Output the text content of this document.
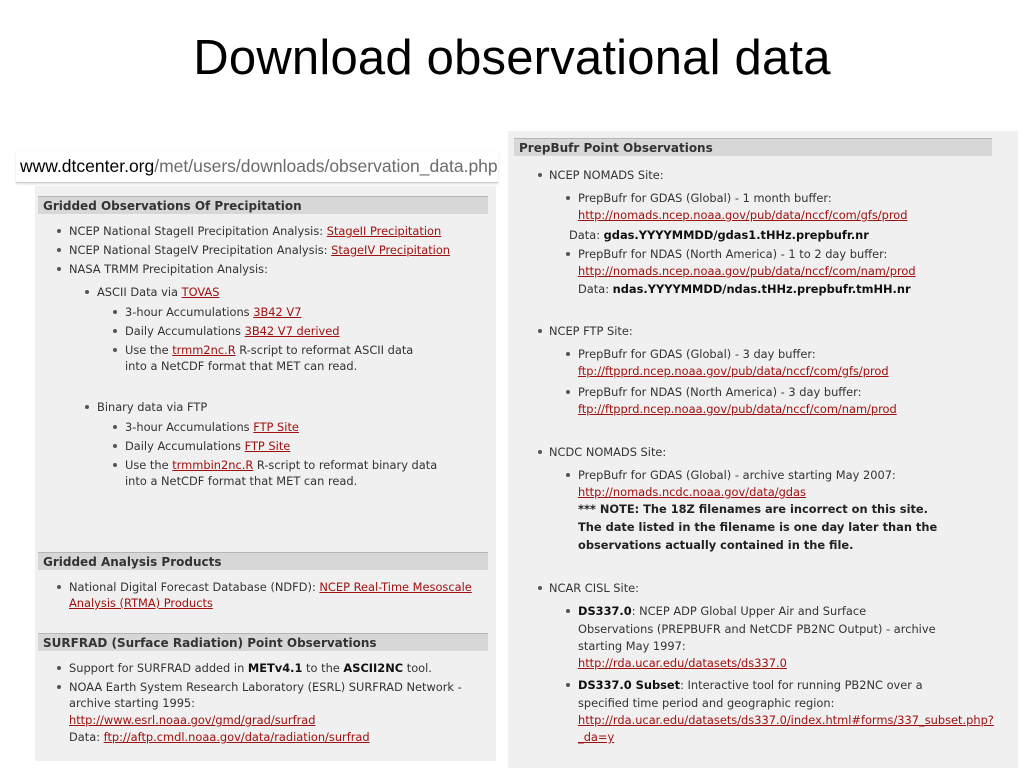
Download observational data
www.dtcenter.org/met/users/downloads/observation_data.php
Gridded Observations Of Precipitation
NCEP National StageII Precipitation Analysis: StageII Precipitation
NCEP National StageIV Precipitation Analysis: StageIV Precipitation
NASA TRMM Precipitation Analysis:
ASCII Data via TOVAS
3-hour Accumulations 3B42 V7
Daily Accumulations 3B42 V7 derived
Use the trmm2nc.R R-script to reformat ASCII data
into a NetCDF format that MET can read.
Binary data via FTP
3-hour Accumulations FTP Site
Daily Accumulations FTP Site
Use the trmmbin2nc.R R-script to reformat binary data
into a NetCDF format that MET can read.
Gridded Analysis Products
National Digital Forecast Database (NDFD): NCEP Real-Time Mesoscale
Analysis (RTMA) Products
SURFRAD (Surface Radiation) Point Observations
Support for SURFRAD added in METv4.1 to the ASCII2NC tool.
NOAA Earth System Research Laboratory (ESRL) SURFRAD Network -
archive starting 1995:
http://www.esrl.noaa.gov/gmd/grad/surfrad
Data: ftp://aftp.cmdl.noaa.gov/data/radiation/surfrad
PrepBufr Point Observations
NCEP NOMADS Site:
PrepBufr for GDAS (Global) - 1 month buffer:
http://nomads.ncep.noaa.gov/pub/data/nccf/com/gfs/prod
Data: gdas.YYYYMMDD/gdas1.tHHz.prepbufr.nr
PrepBufr for NDAS (North America) - 1 to 2 day buffer:
http://nomads.ncep.noaa.gov/pub/data/nccf/com/nam/prod
Data: ndas.YYYYMMDD/ndas.tHHz.prepbufr.tmHH.nr
NCEP FTP Site:
PrepBufr for GDAS (Global) - 3 day buffer:
ftp://ftpprd.ncep.noaa.gov/pub/data/nccf/com/gfs/prod
PrepBufr for NDAS (North America) - 3 day buffer:
ftp://ftpprd.ncep.noaa.gov/pub/data/nccf/com/nam/prod
NCDC NOMADS Site:
PrepBufr for GDAS (Global) - archive starting May 2007:
http://nomads.ncdc.noaa.gov/data/gdas
*** NOTE: The 18Z filenames are incorrect on this site.
The date listed in the filename is one day later than the
observations actually contained in the file.
NCAR CISL Site:
DS337.0: NCEP ADP Global Upper Air and Surface
Observations (PREPBUFR and NetCDF PB2NC Output) - archive
starting May 1997:
http://rda.ucar.edu/datasets/ds337.0
DS337.0 Subset: Interactive tool for running PB2NC over a
specified time period and geographic region:
http://rda.ucar.edu/datasets/ds337.0/index.html#forms/337_subset.php?
_da=y
